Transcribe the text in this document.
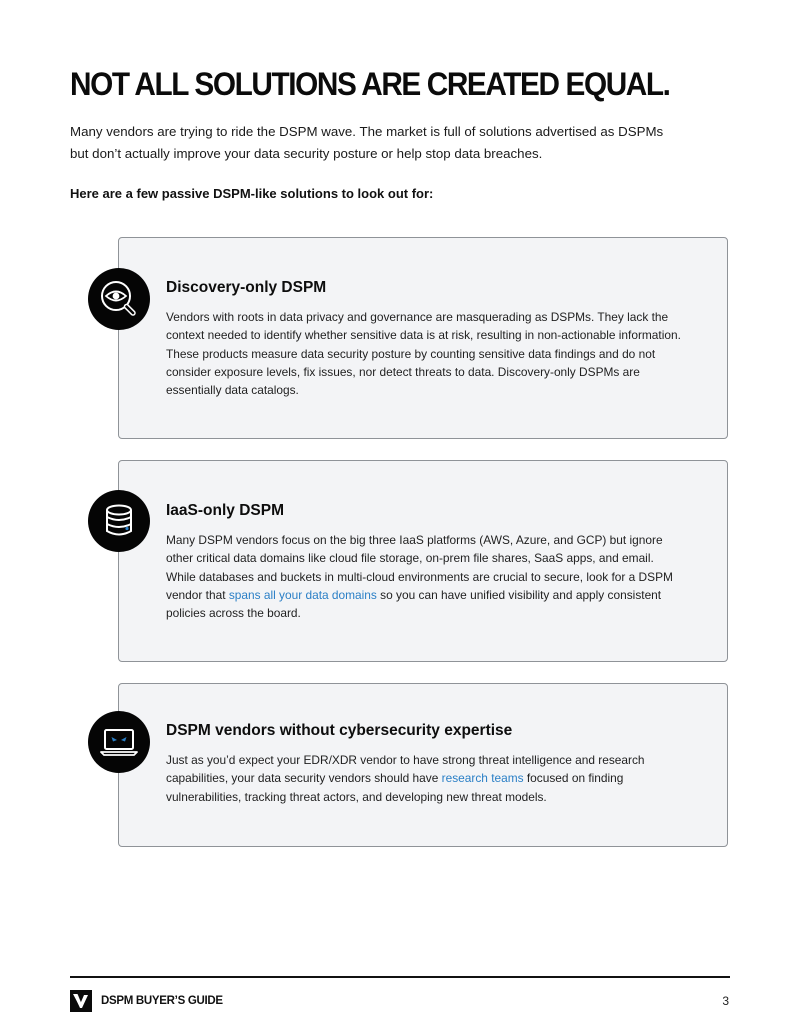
NOT ALL SOLUTIONS ARE CREATED EQUAL.

Many vendors are trying to ride the DSPM wave. The market is full of solutions advertised as DSPMs but don’t actually improve your data security posture or help stop data breaches.

Here are a few passive DSPM-like solutions to look out for:

Discovery-only DSPM

Vendors with roots in data privacy and governance are masquerading as DSPMs. They lack the context needed to identify whether sensitive data is at risk, resulting in non-actionable information. These products measure data security posture by counting sensitive data findings and do not consider exposure levels, fix issues, nor detect threats to data. Discovery-only DSPMs are essentially data catalogs.

IaaS-only DSPM

Many DSPM vendors focus on the big three IaaS platforms (AWS, Azure, and GCP) but ignore other critical data domains like cloud file storage, on-prem file shares, SaaS apps, and email. While databases and buckets in multi-cloud environments are crucial to secure, look for a DSPM vendor that spans all your data domains so you can have unified visibility and apply consistent policies across the board.

DSPM vendors without cybersecurity expertise

Just as you’d expect your EDR/XDR vendor to have strong threat intelligence and research capabilities, your data security vendors should have research teams focused on finding vulnerabilities, tracking threat actors, and developing new threat models.

DSPM BUYER’S GUIDE	3
